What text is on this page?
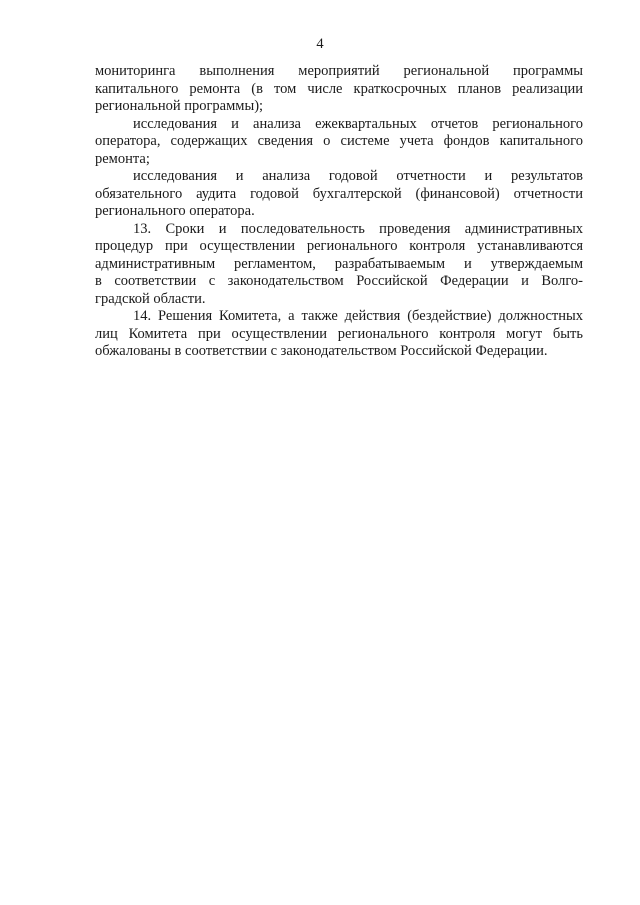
4
мониторинга выполнения мероприятий региональной программы
капитального ремонта (в том числе краткосрочных планов реализации
региональной программы);
исследования и анализа ежеквартальных отчетов регионального
оператора, содержащих сведения о системе учета фондов капитального
ремонта;
исследования и анализа годовой отчетности и результатов
обязательного аудита годовой бухгалтерской (финансовой) отчетности
регионального оператора.
13. Сроки и последовательность проведения административных
процедур при осуществлении регионального контроля устанавливаются
административным регламентом, разрабатываемым и утверждаемым
в соответствии с законодательством Российской Федерации и Волго-
градской области.
14. Решения Комитета, а также действия (бездействие) должностных
лиц Комитета при осуществлении регионального контроля могут быть
обжалованы в соответствии с законодательством Российской Федерации.
